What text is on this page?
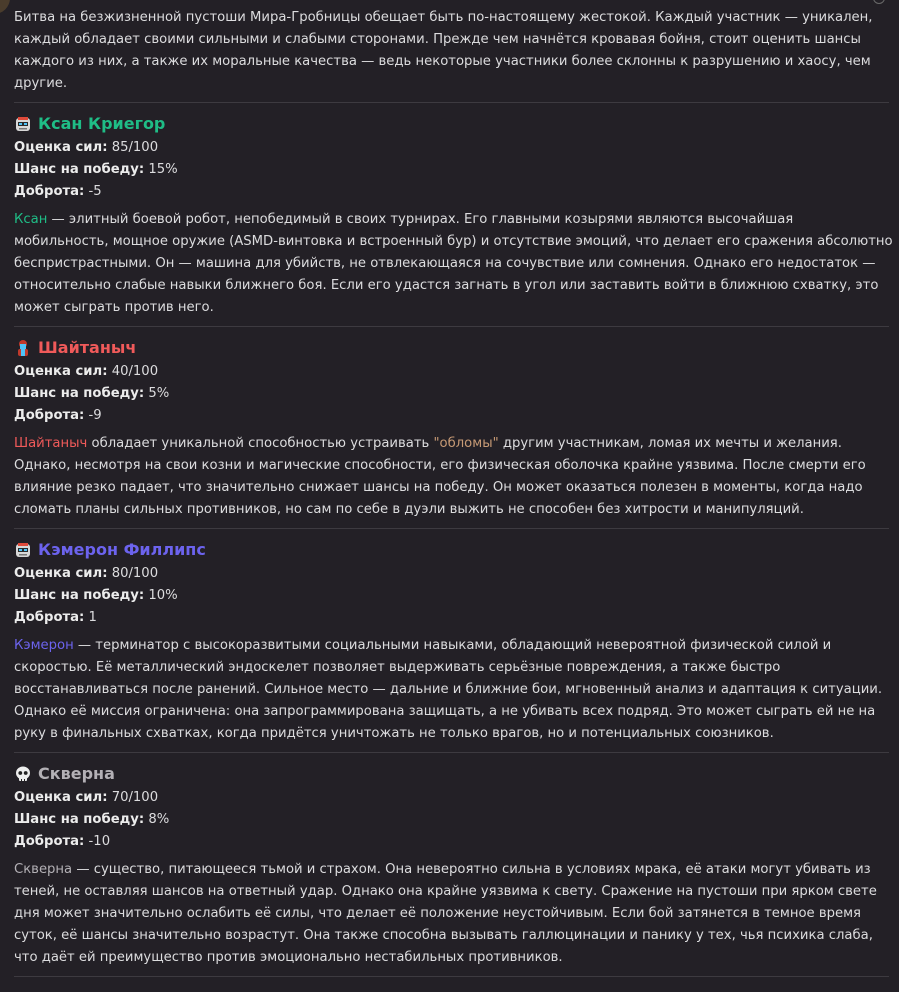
Битва на безжизненной пустоши Мира-Гробницы обещает быть по-настоящему жестокой. Каждый участник — уникален,
каждый обладает своими сильными и слабыми сторонами. Прежде чем начнётся кровавая бойня, стоит оценить шансы
каждого из них, а также их моральные качества — ведь некоторые участники более склонны к разрушению и хаосу, чем
другие.
Ксан Криегор
Оценка сил: 85/100
Шанс на победу: 15%
Доброта: -5
Ксан — элитный боевой робот, непобедимый в своих турнирах. Его главными козырями являются высочайшая
мобильность, мощное оружие (ASMD-винтовка и встроенный бур) и отсутствие эмоций, что делает его сражения абсолютно
беспристрастными. Он — машина для убийств, не отвлекающаяся на сочувствие или сомнения. Однако его недостаток —
относительно слабые навыки ближнего боя. Если его удастся загнать в угол или заставить войти в ближнюю схватку, это
может сыграть против него.
Шайтаныч
Оценка сил: 40/100
Шанс на победу: 5%
Доброта: -9
Шайтаныч обладает уникальной способностью устраивать "обломы" другим участникам, ломая их мечты и желания.
Однако, несмотря на свои козни и магические способности, его физическая оболочка крайне уязвима. После смерти его
влияние резко падает, что значительно снижает шансы на победу. Он может оказаться полезен в моменты, когда надо
сломать планы сильных противников, но сам по себе в дуэли выжить не способен без хитрости и манипуляций.
Кэмерон Филлипс
Оценка сил: 80/100
Шанс на победу: 10%
Доброта: 1
Кэмерон — терминатор с высокоразвитыми социальными навыками, обладающий невероятной физической силой и
скоростью. Её металлический эндоскелет позволяет выдерживать серьёзные повреждения, а также быстро
восстанавливаться после ранений. Сильное место — дальние и ближние бои, мгновенный анализ и адаптация к ситуации.
Однако её миссия ограничена: она запрограммирована защищать, а не убивать всех подряд. Это может сыграть ей не на
руку в финальных схватках, когда придётся уничтожать не только врагов, но и потенциальных союзников.
Скверна
Оценка сил: 70/100
Шанс на победу: 8%
Доброта: -10
Скверна — существо, питающееся тьмой и страхом. Она невероятно сильна в условиях мрака, её атаки могут убивать из
теней, не оставляя шансов на ответный удар. Однако она крайне уязвима к свету. Сражение на пустоши при ярком свете
дня может значительно ослабить её силы, что делает её положение неустойчивым. Если бой затянется в темное время
суток, её шансы значительно возрастут. Она также способна вызывать галлюцинации и панику у тех, чья психика слаба,
что даёт ей преимущество против эмоционально нестабильных противников.
